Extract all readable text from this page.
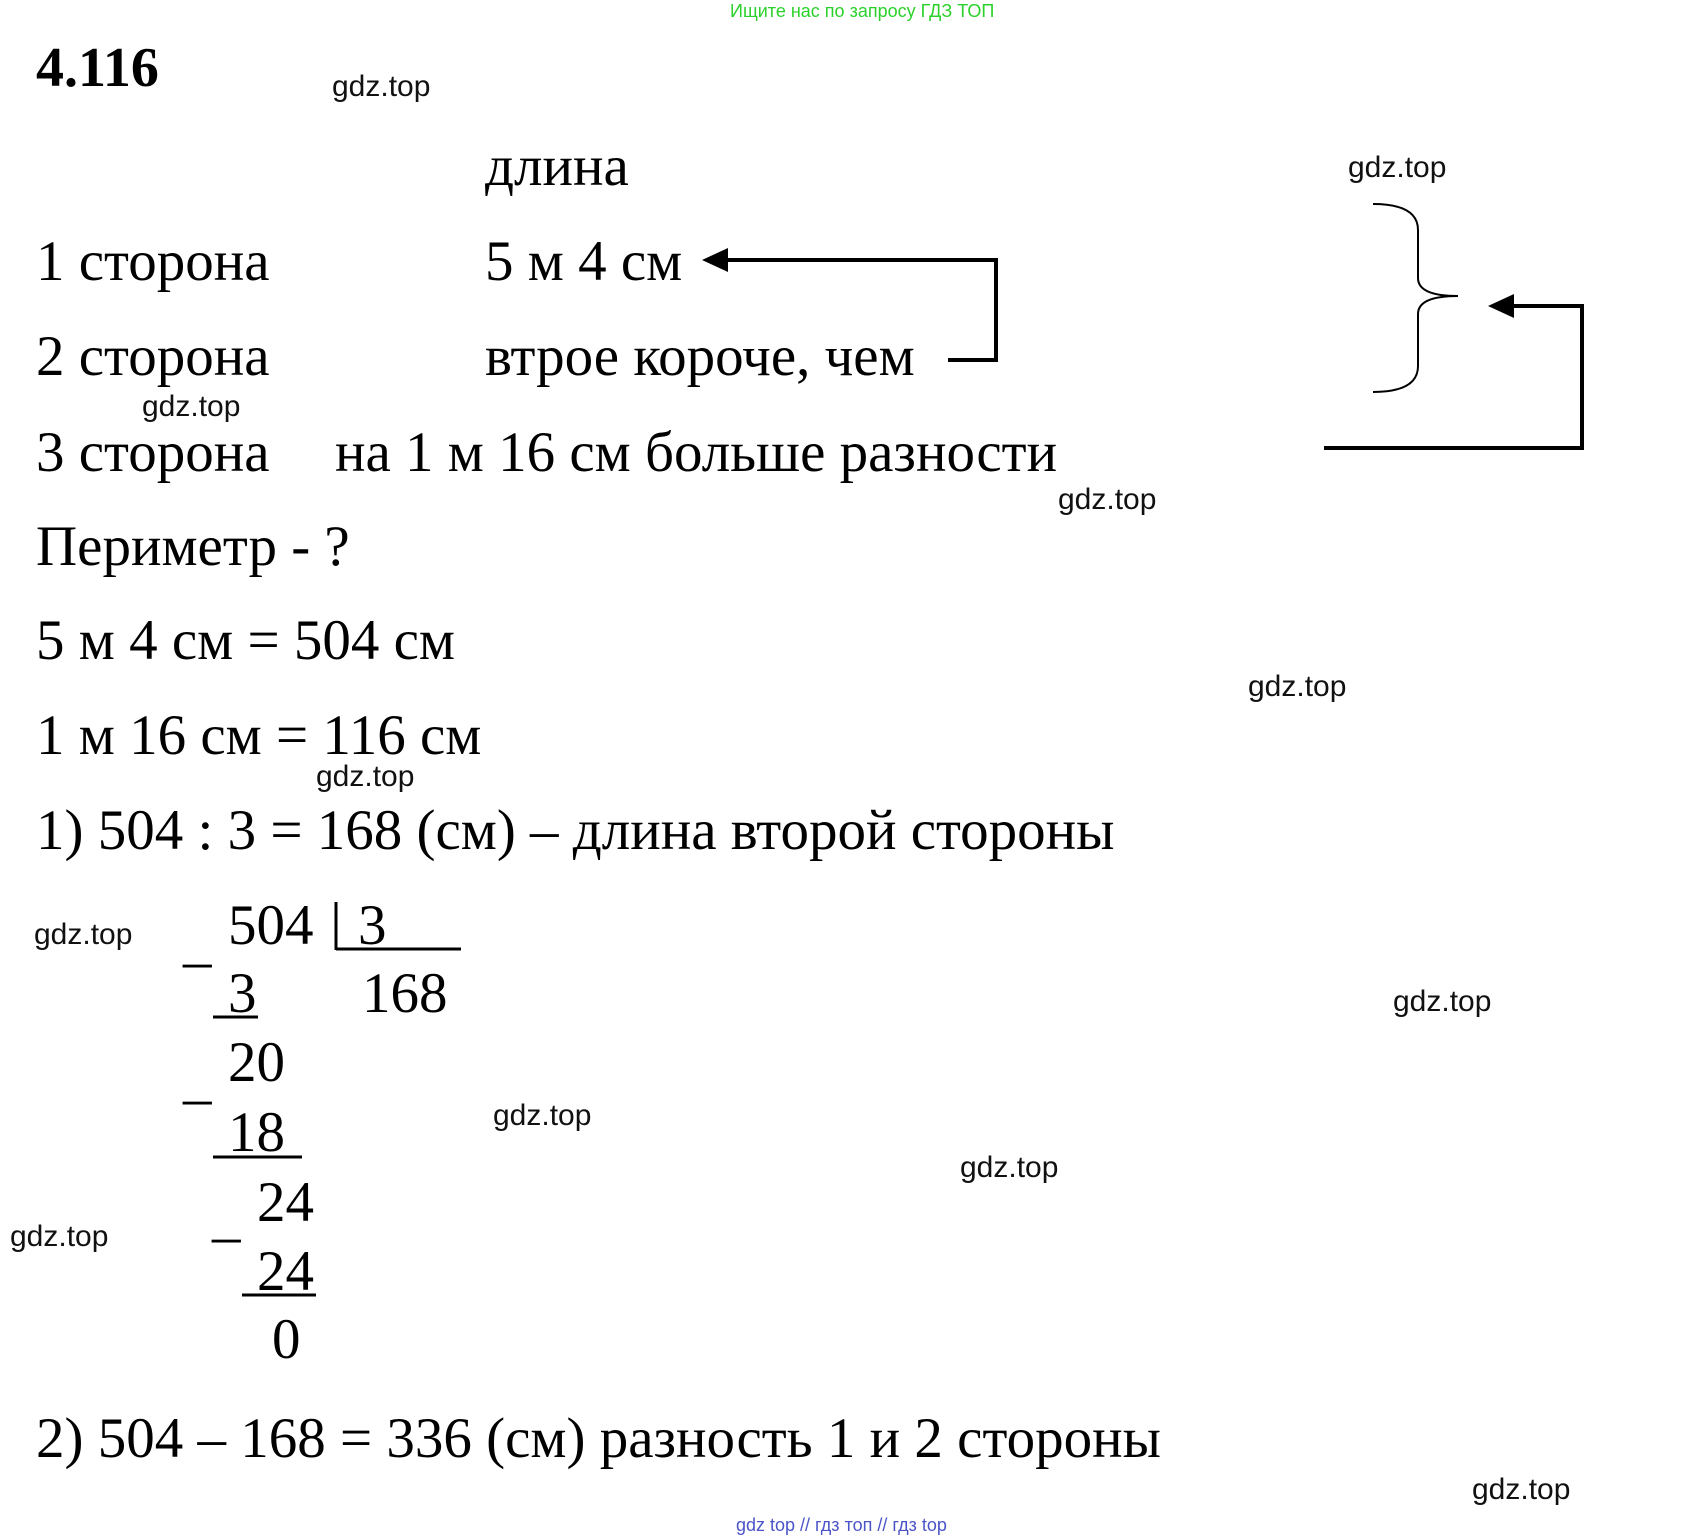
Ищите нас по запросу ГДЗ ТОП
4.116
длина
1 сторона	5 м 4 см
2 сторона	втрое короче, чем
3 сторона на 1 м 16 см больше разности
Периметр - ?
5 м 4 см = 504 см
1 м 16 см = 116 см
1) 504 : 3 = 168 (см) – длина второй стороны
504 3
168
3
20
18
24
24
0
_
_
_
2) 504 – 168 = 336 (см) разность 1 и 2 стороны
gdz.top
gdz.top
gdz.top
gdz.top
gdz.top
gdz.top
gdz.top
gdz.top
gdz.top
gdz.top
gdz.top
gdz.top
gdz top // гдз топ // гдз top
